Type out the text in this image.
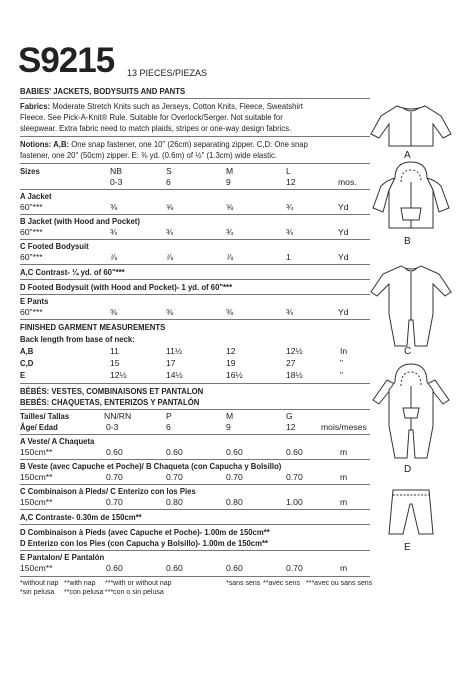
S9215 13 PIECES/PIEZAS
BABIES' JACKETS, BODYSUITS AND PANTS
Fabrics: Moderate Stretch Knits such as Jerseys, Cotton Knits, Fleece, Sweatshirt
Fleece. See Pick-A-Knit® Rule. Suitable for Overlock/Serger. Not suitable for
sleepwear. Extra fabric need to match plaids, stripes or one-way design fabrics.
Notions: A,B: One snap fastener, one 10" (26cm) separating zipper. C,D: One snap
fastener, one 20" (50cm) zipper. E: ⅜ yd. (0.6m) of ½" (1.3cm) wide elastic.
Sizes	NB	S	M	L
0-3	6	9	12	mos.
A Jacket
60"***	⅜	⅝	⅝	¾	Yd
B Jacket (with Hood and Pocket)
60"***	¾	¾	¾	¾	Yd
C Footed Bodysuit
60"***	⅞	⅞	⅞	1	Yd
A,C Contrast- ¼ yd. of 60"***
D Footed Bodysuit (with Hood and Pocket)- 1 yd. of 60"***
E Pants
60"***	⅜	⅜	⅜	¾	Yd
FINISHED GARMENT MEASUREMENTS
Back length from base of neck:
A,B	11	11½	12	12½	In
C,D	15	17	19	27	"
E	12½	14½	16½	18½	"
BÉBÉS: VESTES, COMBINAISONS ET PANTALON
BEBÉS: CHAQUETAS, ENTERIZOS Y PANTALÓN
Tailles/ Tallas	NN/RN	P	M	G
Âge/ Edad	0-3	6	9	12	mois/meses
A Veste/ A Chaqueta
150cm**	0.60	0.60	0.60	0.60	m
B Veste (avec Capuche et Poche)/ B Chaqueta (con Capucha y Bolsillo)
150cm**	0.70	0.70	0.70	0.70	m
C Combinaison à Pieds/ C Enterizo con los Pies
150cm**	0.70	0.80	0.80	1.00	m
A,C Contraste- 0.30m de 150cm**
D Combinaison à Pieds (avec Capuche et Poche)- 1.00m de 150cm**
D Enterizo con los Pies (con Capucha y Bolsillo)- 1.00m de 150cm**
E Pantalon/ E Pantalón
150cm**	0.60	0.60	0.60	0.70	m
*without nap **with nap ***with or without nap
*sin pelusa **con pelusa ***con o sin pelusa
*sans sens **avec sens ***avec ou sans sens
A
B
C
D
E
